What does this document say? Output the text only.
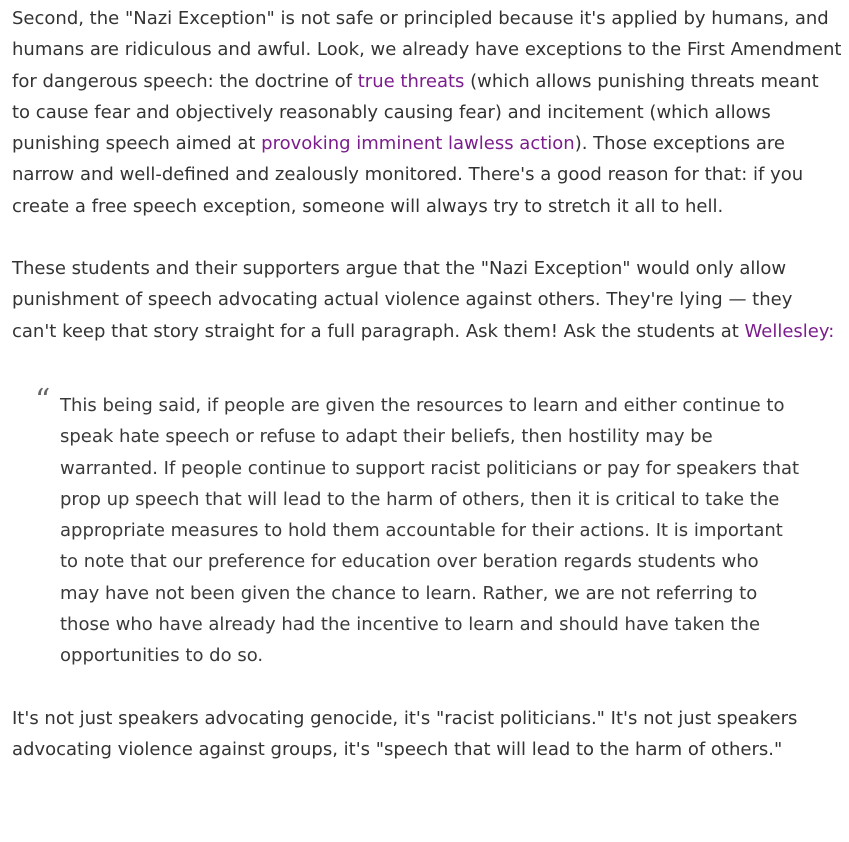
Second, the "Nazi Exception" is not safe or principled because it's applied by humans, and humans are ridiculous and awful. Look, we already have exceptions to the First Amendment for dangerous speech: the doctrine of true threats (which allows punishing threats meant to cause fear and objectively reasonably causing fear) and incitement (which allows punishing speech aimed at provoking imminent lawless action). Those exceptions are narrow and well-defined and zealously monitored. There's a good reason for that: if you create a free speech exception, someone will always try to stretch it all to hell.

These students and their supporters argue that the "Nazi Exception" would only allow punishment of speech advocating actual violence against others. They're lying — they can't keep that story straight for a full paragraph. Ask them! Ask the students at Wellesley:

“ This being said, if people are given the resources to learn and either continue to speak hate speech or refuse to adapt their beliefs, then hostility may be warranted. If people continue to support racist politicians or pay for speakers that prop up speech that will lead to the harm of others, then it is critical to take the appropriate measures to hold them accountable for their actions. It is important to note that our preference for education over beration regards students who may have not been given the chance to learn. Rather, we are not referring to those who have already had the incentive to learn and should have taken the opportunities to do so.

It's not just speakers advocating genocide, it's "racist politicians." It's not just speakers advocating violence against groups, it's "speech that will lead to the harm of others."
